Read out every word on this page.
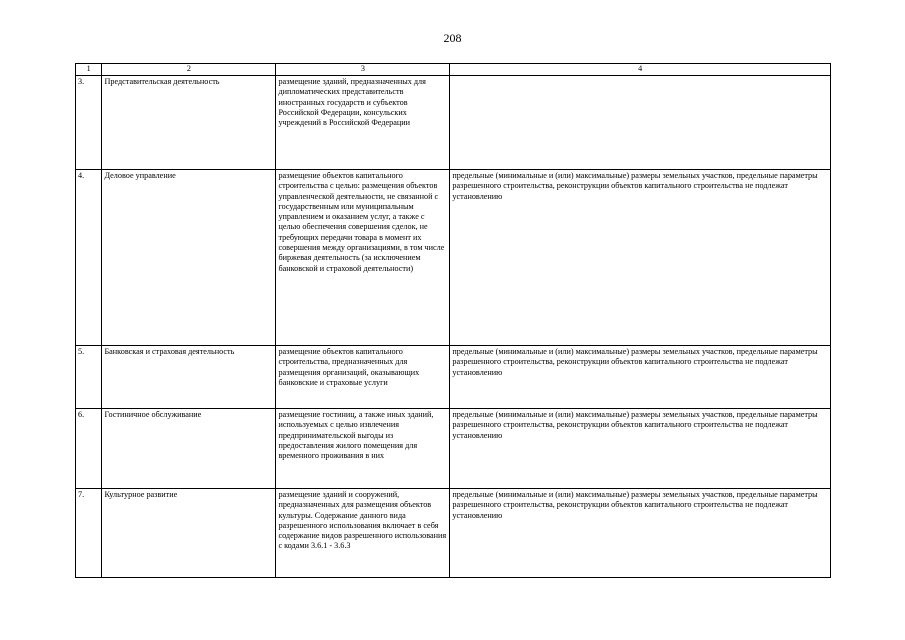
208
1	2	3	4
3.	Представительская деятельность	размещение зданий, предназначенных для дипломатических представительств иностранных государств и субъектов Российской Федерации, консульских учреждений в Российской Федерации	
4.	Деловое управление	размещение объектов капитального строительства с целью: размещения объектов управленческой деятельности, не связанной с государственным или муниципальным управлением и оказанием услуг, а также с целью обеспечения совершения сделок, не требующих передачи товара в момент их совершения между организациями, в том числе биржевая деятельность (за исключением банковской и страховой деятельности)	предельные (минимальные и (или) максимальные) размеры земельных участков, предельные параметры разрешенного строительства, реконструкции объектов капитального строительства не подлежат установлению
5.	Банковская и страховая деятельность	размещение объектов капитального строительства, предназначенных для размещения организаций, оказывающих банковские и страховые услуги	предельные (минимальные и (или) максимальные) размеры земельных участков, предельные параметры разрешенного строительства, реконструкции объектов капитального строительства не подлежат установлению
6.	Гостиничное обслуживание	размещение гостиниц, а также иных зданий, используемых с целью извлечения предпринимательской выгоды из предоставления жилого помещения для временного проживания в них	предельные (минимальные и (или) максимальные) размеры земельных участков, предельные параметры разрешенного строительства, реконструкции объектов капитального строительства не подлежат установлению
7.	Культурное развитие	размещение зданий и сооружений, предназначенных для размещения объектов культуры. Содержание данного вида разрешенного использования включает в себя содержание видов разрешенного использования с кодами 3.6.1 - 3.6.3	предельные (минимальные и (или) максимальные) размеры земельных участков, предельные параметры разрешенного строительства, реконструкции объектов капитального строительства не подлежат установлению
